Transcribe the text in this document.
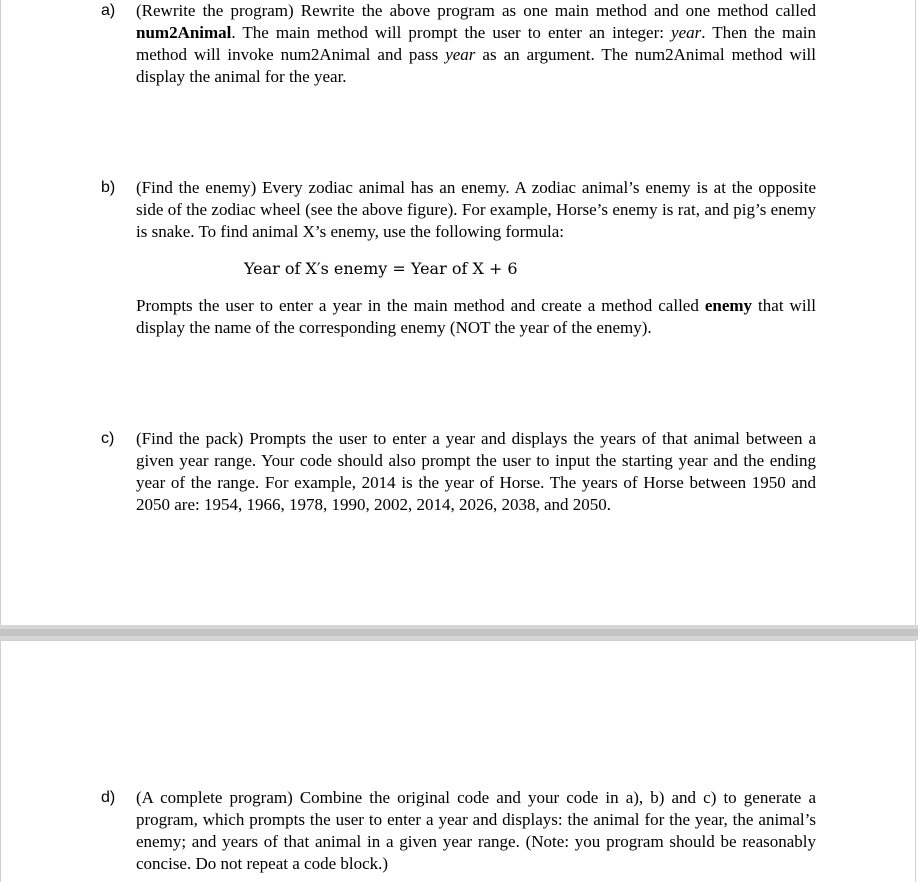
a) (Rewrite the program) Rewrite the above program as one main method and one method called num2Animal. The main method will prompt the user to enter an integer: year. Then the main method will invoke num2Animal and pass year as an argument. The num2Animal method will display the animal for the year.
b) (Find the enemy) Every zodiac animal has an enemy. A zodiac animal’s enemy is at the opposite side of the zodiac wheel (see the above figure). For example, Horse’s enemy is rat, and pig’s enemy is snake. To find animal X’s enemy, use the following formula:
Year of X′s enemy = Year of X + 6
Prompts the user to enter a year in the main method and create a method called enemy that will display the name of the corresponding enemy (NOT the year of the enemy).
c) (Find the pack) Prompts the user to enter a year and displays the years of that animal between a given year range. Your code should also prompt the user to input the starting year and the ending year of the range. For example, 2014 is the year of Horse. The years of Horse between 1950 and 2050 are: 1954, 1966, 1978, 1990, 2002, 2014, 2026, 2038, and 2050.
d) (A complete program) Combine the original code and your code in a), b) and c) to generate a program, which prompts the user to enter a year and displays: the animal for the year, the animal’s enemy; and years of that animal in a given year range. (Note: you program should be reasonably concise. Do not repeat a code block.)
